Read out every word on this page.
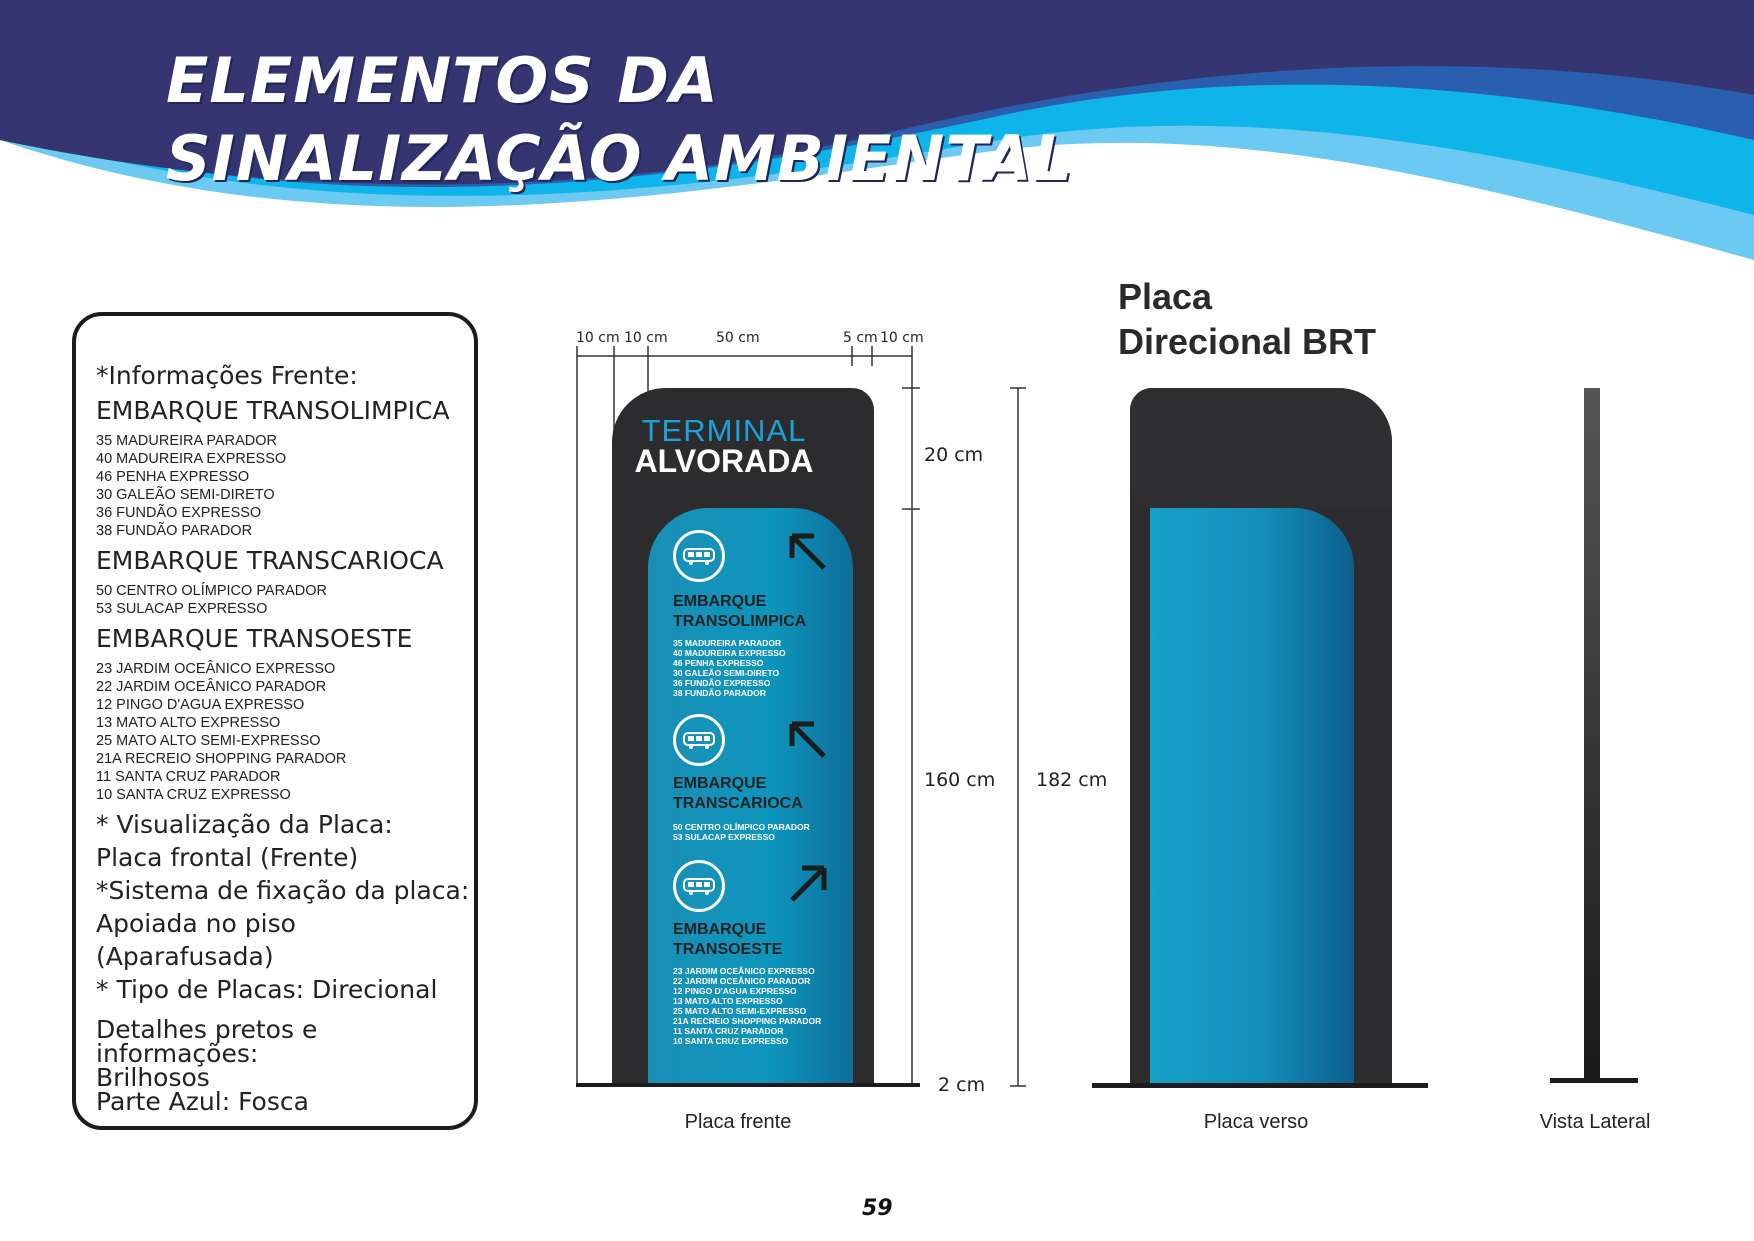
ELEMENTOS DA
SINALIZAÇÃO AMBIENTAL
*Informações Frente:
EMBARQUE TRANSOLIMPICA
35 MADUREIRA PARADOR
40 MADUREIRA EXPRESSO
46 PENHA EXPRESSO
30 GALEÃO SEMI-DIRETO
36 FUNDÃO EXPRESSO
38 FUNDÃO PARADOR
EMBARQUE TRANSCARIOCA
50 CENTRO OLÍMPICO PARADOR
53 SULACAP EXPRESSO
EMBARQUE TRANSOESTE
23 JARDIM OCEÂNICO EXPRESSO
22 JARDIM OCEÂNICO PARADOR
12 PINGO D'AGUA EXPRESSO
13 MATO ALTO EXPRESSO
25 MATO ALTO SEMI-EXPRESSO
21A RECREIO SHOPPING PARADOR
11 SANTA CRUZ PARADOR
10 SANTA CRUZ EXPRESSO
* Visualização da Placa:
Placa frontal (Frente)
*Sistema de fixação da placa:
Apoiada no piso (Aparafusada)
* Tipo de Placas: Direcional
Detalhes pretos e informações:
Brilhosos
Parte Azul: Fosca
10 cm 10 cm	50 cm	5 cm 10 cm
20 cm
160 cm 182 cm
2 cm
TERMINAL
ALVORADA
EMBARQUE
TRANSOLIMPICA
35 MADUREIRA PARADOR
40 MADUREIRA EXPRESSO
46 PENHA EXPRESSO
30 GALEÃO SEMI-DIRETO
36 FUNDÃO EXPRESSO
38 FUNDÃO PARADOR
EMBARQUE
TRANSCARIOCA
50 CENTRO OLÍMPICO PARADOR
53 SULACAP EXPRESSO
EMBARQUE
TRANSOESTE
23 JARDIM OCEÂNICO EXPRESSO
22 JARDIM OCEÂNICO PARADOR
12 PINGO D'AGUA EXPRESSO
13 MATO ALTO EXPRESSO
25 MATO ALTO SEMI-EXPRESSO
21A RECREIO SHOPPING PARADOR
11 SANTA CRUZ PARADOR
10 SANTA CRUZ EXPRESSO
Placa frente
Placa
Direcional BRT
Placa verso	Vista Lateral
59
